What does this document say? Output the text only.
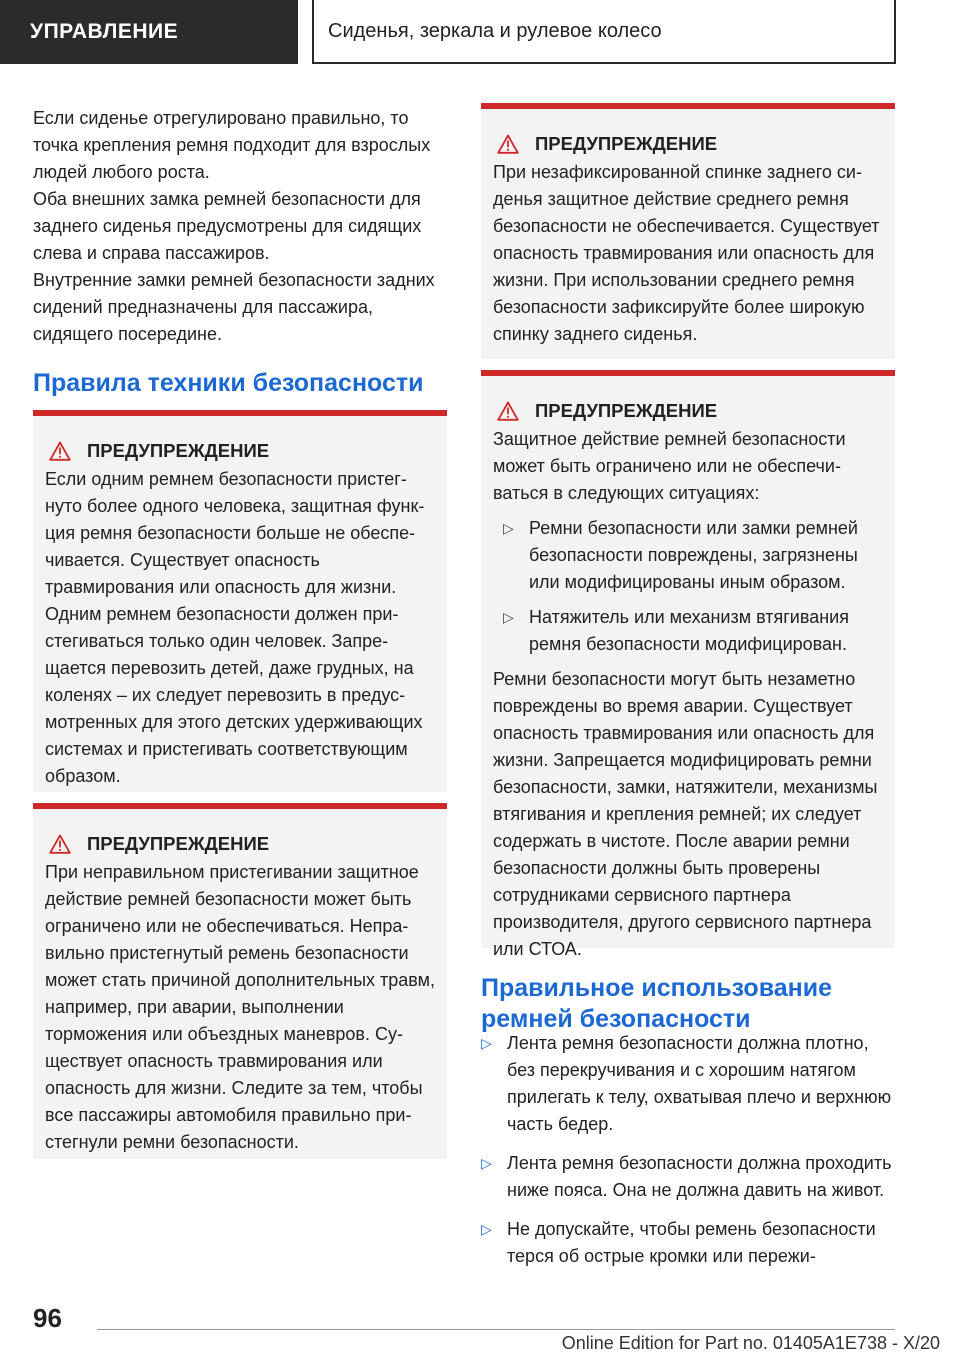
УПРАВЛЕНИЕ	Сиденья, зеркала и рулевое колесо

Если сиденье отрегулировано правильно, то точка крепления ремня подходит для взрослых людей любого роста.

Оба внешних замка ремней безопасности для заднего сиденья предусмотрены для сидящих слева и справа пассажиров.

Внутренние замки ремней безопасности задних сидений предназначены для пассажира, сидящего посередине.

Правила техники безопасности
ПРЕДУПРЕЖДЕНИЕ

Если одним ремнем безопасности пристегнуто более одного человека, защитная функция ремня безопасности больше не обеспечивается. Существует опасность травмирования или опасность для жизни. Одним ремнем безопасности должен пристегиваться только один человек. Запрещается перевозить детей, даже грудных, на коленях – их следует перевозить в предусмотренных для этого детских удерживающих системах и пристегивать соответствующим образом.

ПРЕДУПРЕЖДЕНИЕ

При неправильном пристегивании защитное действие ремней безопасности может быть ограничено или не обеспечиваться. Неправильно пристегнутый ремень безопасности может стать причиной дополнительных травм, например, при аварии, выполнении торможения или объездных маневров. Существует опасность травмирования или опасность для жизни. Следите за тем, чтобы все пассажиры автомобиля правильно пристегнули ремни безопасности.

ПРЕДУПРЕЖДЕНИЕ

При незафиксированной спинке заднего сиденья защитное действие среднего ремня безопасности не обеспечивается. Существует опасность травмирования или опасность для жизни. При использовании среднего ремня безопасности зафиксируйте более широкую спинку заднего сиденья.

ПРЕДУПРЕЖДЕНИЕ

Защитное действие ремней безопасности может быть ограничено или не обеспечиваться в следующих ситуациях:

▷ Ремни безопасности или замки ремней безопасности повреждены, загрязнены или модифицированы иным образом.

▷ Натяжитель или механизм втягивания ремня безопасности модифицирован.

Ремни безопасности могут быть незаметно повреждены во время аварии. Существует опасность травмирования или опасность для жизни. Запрещается модифицировать ремни безопасности, замки, натяжители, механизмы втягивания и крепления ремней; их следует содержать в чистоте. После аварии ремни безопасности должны быть проверены сотрудниками сервисного партнера производителя, другого сервисного партнера или СТОА.

Правильное использование ремней безопасности
▷ Лента ремня безопасности должна плотно, без перекручивания и с хорошим натягом прилегать к телу, охватывая плечо и верхнюю часть бедер.

▷ Лента ремня безопасности должна проходить ниже пояса. Она не должна давить на живот.

▷ Не допускайте, чтобы ремень безопасности терся об острые кромки или пережи-

96
Online Edition for Part no. 01405A1E738 - X/20
